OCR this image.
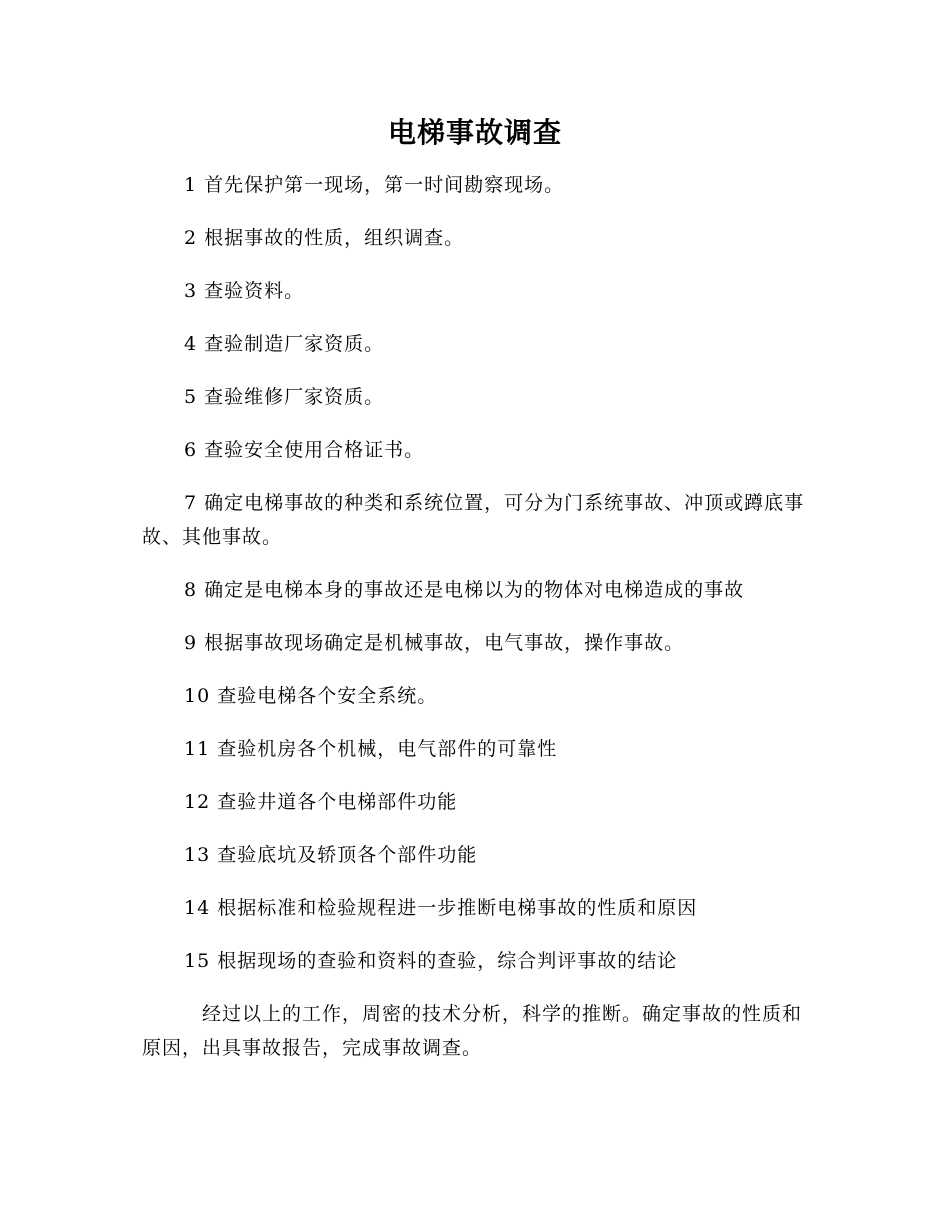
电梯事故调查

1 首先保护第一现场，第一时间勘察现场。

2 根据事故的性质，组织调查。

3 查验资料。

4 查验制造厂家资质。

5 查验维修厂家资质。

6 查验安全使用合格证书。

7 确定电梯事故的种类和系统位置，可分为门系统事故、冲顶或蹲底事故、其他事故。

8 确定是电梯本身的事故还是电梯以为的物体对电梯造成的事故

9 根据事故现场确定是机械事故，电气事故，操作事故。

10 查验电梯各个安全系统。

11 查验机房各个机械，电气部件的可靠性

12 查验井道各个电梯部件功能

13 查验底坑及轿顶各个部件功能

14 根据标准和检验规程进一步推断电梯事故的性质和原因

15 根据现场的查验和资料的查验，综合判评事故的结论

经过以上的工作，周密的技术分析，科学的推断。确定事故的性质和原因，出具事故报告，完成事故调查。
